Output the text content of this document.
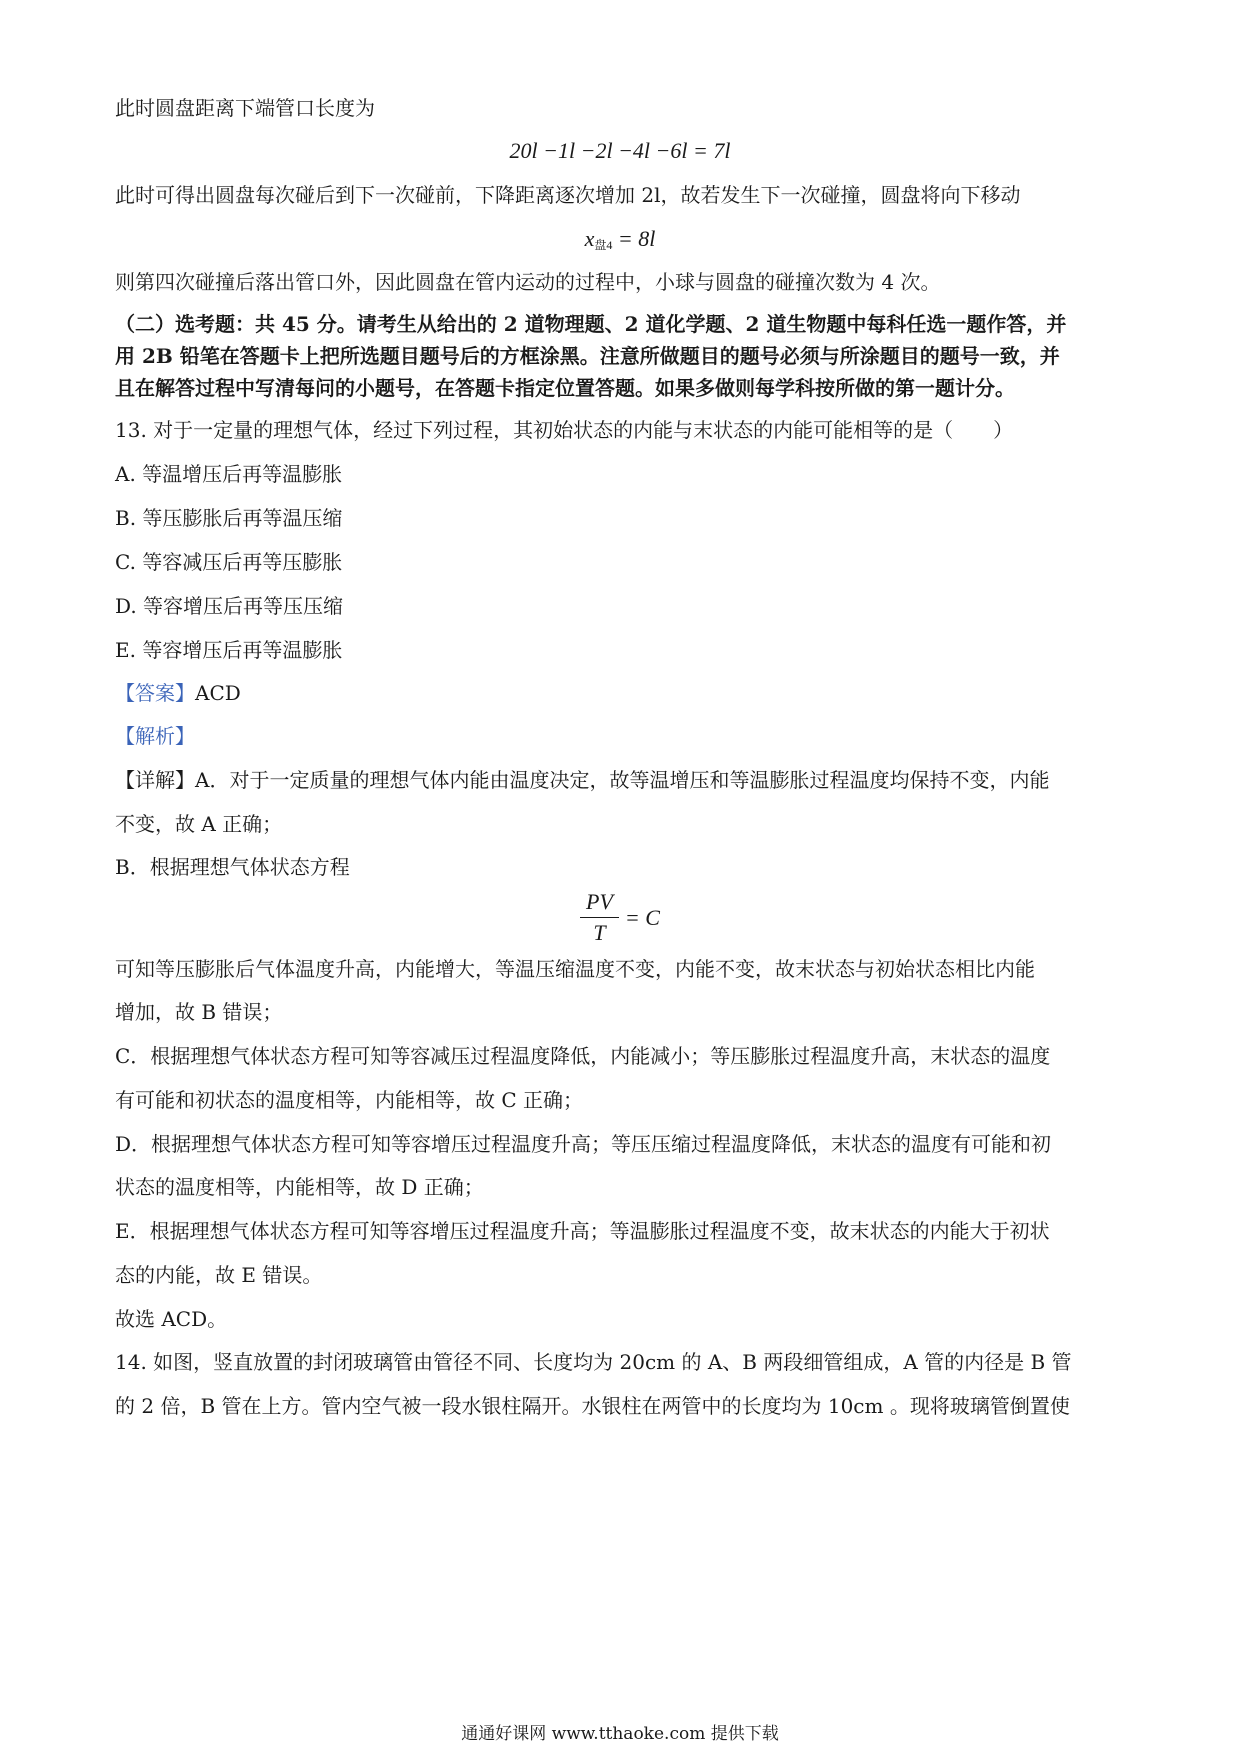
此时圆盘距离下端管口长度为
20l −1l −2l −4l −6l = 7l
此时可得出圆盘每次碰后到下一次碰前，下降距离逐次增加 2l，故若发生下一次碰撞，圆盘将向下移动
$x_{盘4} = 8l$
则第四次碰撞后落出管口外，因此圆盘在管内运动的过程中，小球与圆盘的碰撞次数为 4 次。
（二）选考题：共 45 分。请考生从给出的 2 道物理题、2 道化学题、2 道生物题中每科任选一题作答，并
用 2B 铅笔在答题卡上把所选题目题号后的方框涂黑。注意所做题目的题号必须与所涂题目的题号一致，并
且在解答过程中写清每问的小题号，在答题卡指定位置答题。如果多做则每学科按所做的第一题计分。
13. 对于一定量的理想气体，经过下列过程，其初始状态的内能与末状态的内能可能相等的是（　　）
A. 等温增压后再等温膨胀
B. 等压膨胀后再等温压缩
C. 等容减压后再等压膨胀
D. 等容增压后再等压压缩
E. 等容增压后再等温膨胀
【答案】ACD
【解析】
【详解】A．对于一定质量的理想气体内能由温度决定，故等温增压和等温膨胀过程温度均保持不变，内能
不变，故 A 正确；
B．根据理想气体状态方程
$\frac{PV}{T} = C$
可知等压膨胀后气体温度升高，内能增大，等温压缩温度不变，内能不变，故末状态与初始状态相比内能
增加，故 B 错误；
C．根据理想气体状态方程可知等容减压过程温度降低，内能减小；等压膨胀过程温度升高，末状态的温度
有可能和初状态的温度相等，内能相等，故 C 正确；
D．根据理想气体状态方程可知等容增压过程温度升高；等压压缩过程温度降低，末状态的温度有可能和初
状态的温度相等，内能相等，故 D 正确；
E．根据理想气体状态方程可知等容增压过程温度升高；等温膨胀过程温度不变，故末状态的内能大于初状
态的内能，故 E 错误。
故选 ACD。
14. 如图，竖直放置的封闭玻璃管由管径不同、长度均为 20cm 的 A、B 两段细管组成，A 管的内径是 B 管
的 2 倍，B 管在上方。管内空气被一段水银柱隔开。水银柱在两管中的长度均为 10cm 。现将玻璃管倒置使
通通好课网 www.tthaoke.com 提供下载
